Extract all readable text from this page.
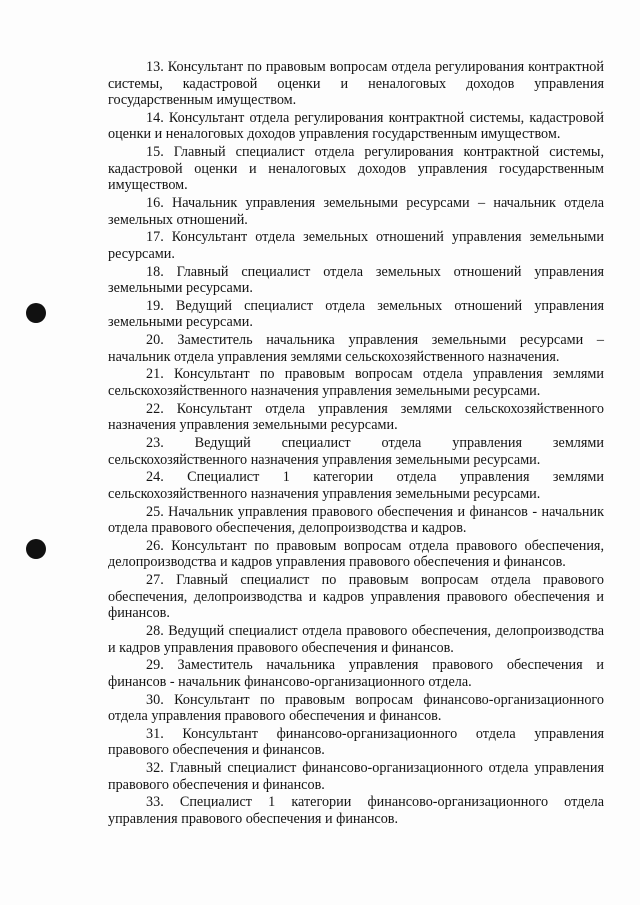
13. Консультант по правовым вопросам отдела регулирования контрактной системы, кадастровой оценки и неналоговых доходов управления государственным имуществом.

14. Консультант отдела регулирования контрактной системы, кадастровой оценки и неналоговых доходов управления государственным имуществом.

15. Главный специалист отдела регулирования контрактной системы, кадастровой оценки и неналоговых доходов управления государственным имуществом.

16. Начальник управления земельными ресурсами – начальник отдела земельных отношений.

17. Консультант отдела земельных отношений управления земельными ресурсами.

18. Главный специалист отдела земельных отношений управления земельными ресурсами.

19. Ведущий специалист отдела земельных отношений управления земельными ресурсами.

20. Заместитель начальника управления земельными ресурсами – начальник отдела управления землями сельскохозяйственного назначения.

21. Консультант по правовым вопросам отдела управления землями сельскохозяйственного назначения управления земельными ресурсами.

22. Консультант отдела управления землями сельскохозяйственного назначения управления земельными ресурсами.

23. Ведущий специалист отдела управления землями сельскохозяйственного назначения управления земельными ресурсами.

24. Специалист 1 категории отдела управления землями сельскохозяйственного назначения управления земельными ресурсами.

25. Начальник управления правового обеспечения и финансов - начальник отдела правового обеспечения, делопроизводства и кадров.

26. Консультант по правовым вопросам отдела правового обеспечения, делопроизводства и кадров управления правового обеспечения и финансов.

27. Главный специалист по правовым вопросам отдела правового обеспечения, делопроизводства и кадров управления правового обеспечения и финансов.

28. Ведущий специалист отдела правового обеспечения, делопроизводства и кадров управления правового обеспечения и финансов.

29. Заместитель начальника управления правового обеспечения и финансов - начальник финансово-организационного отдела.

30. Консультант по правовым вопросам финансово-организационного отдела управления правового обеспечения и финансов.

31. Консультант финансово-организационного отдела управления правового обеспечения и финансов.

32. Главный специалист финансово-организационного отдела управления правового обеспечения и финансов.

33. Специалист 1 категории финансово-организационного отдела управления правового обеспечения и финансов.
